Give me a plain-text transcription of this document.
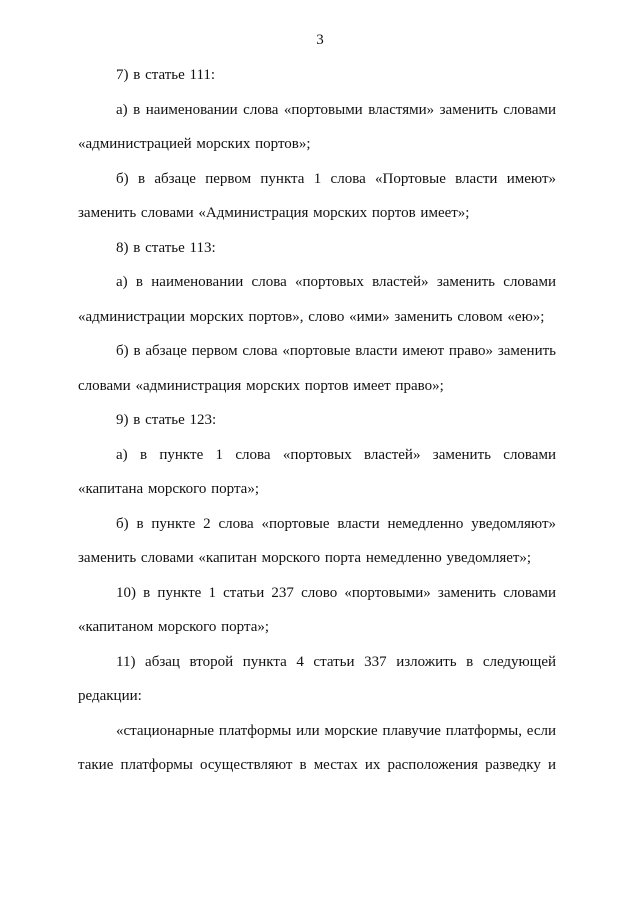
3

7) в статье 111:

а) в наименовании слова «портовыми властями» заменить словами «администрацией морских портов»;

б) в абзаце первом пункта 1 слова «Портовые власти имеют» заменить словами «Администрация морских портов имеет»;

8) в статье 113:

а) в наименовании слова «портовых властей» заменить словами «администрации морских портов», слово «ими» заменить словом «ею»;

б) в абзаце первом слова «портовые власти имеют право» заменить словами «администрация морских портов имеет право»;

9) в статье 123:

а) в пункте 1 слова «портовых властей» заменить словами «капитана морского порта»;

б) в пункте 2 слова «портовые власти немедленно уведомляют» заменить словами «капитан морского порта немедленно уведомляет»;

10) в пункте 1 статьи 237 слово «портовыми» заменить словами «капитаном морского порта»;

11) абзац второй пункта 4 статьи 337 изложить в следующей редакции:

«стационарные платформы или морские плавучие платформы, если такие платформы осуществляют в местах их расположения разведку и
